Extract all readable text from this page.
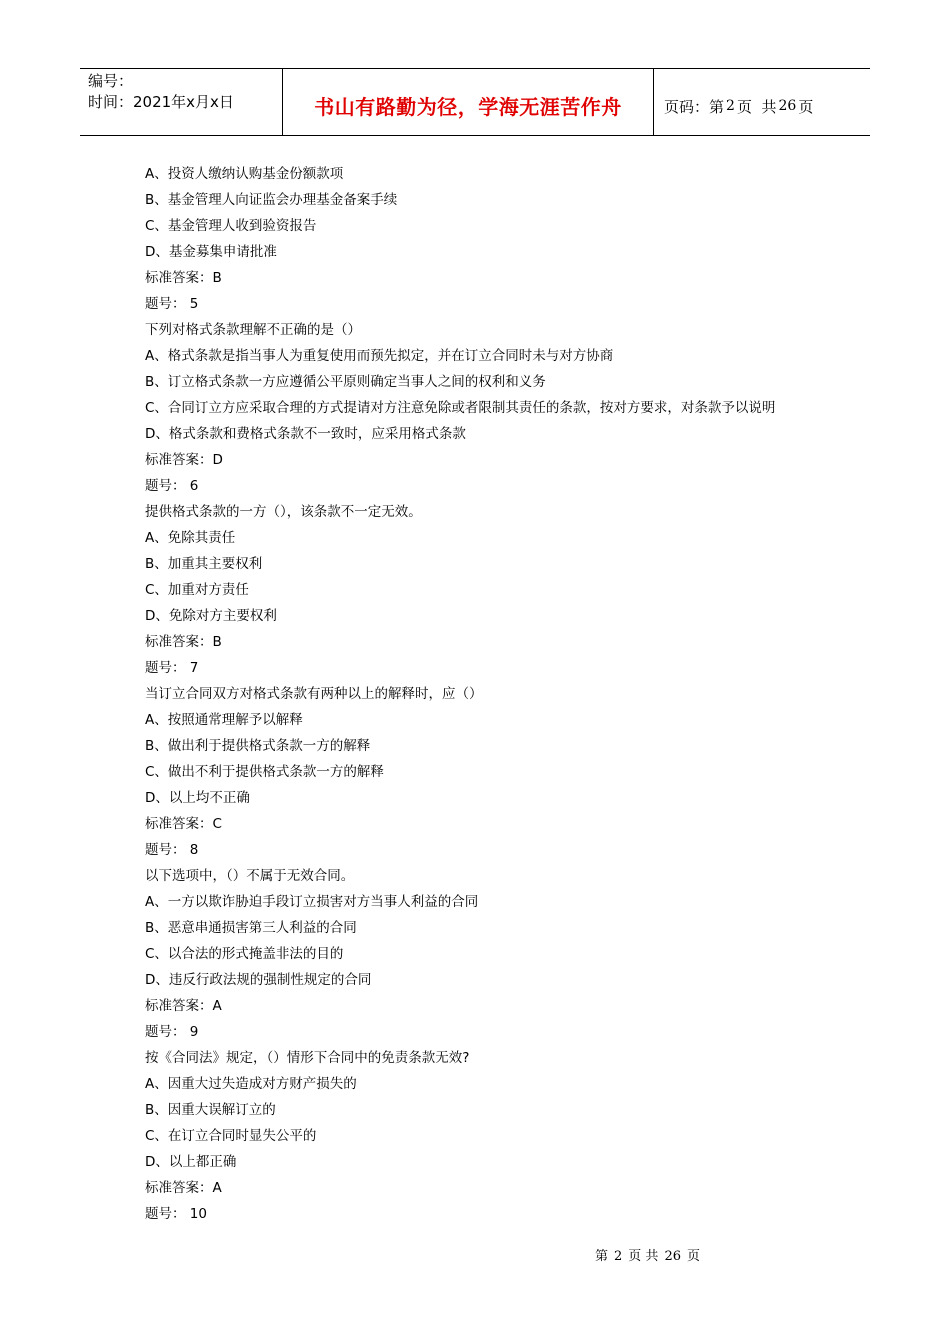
编号：
时间：2021年x月x日	书山有路勤为径，学海无涯苦作舟	页码：第 2 页  共 26 页
A、投资人缴纳认购基金份额款项
B、基金管理人向证监会办理基金备案手续
C、基金管理人收到验资报告
D、基金募集申请批准
标准答案：B
题号： 5
下列对格式条款理解不正确的是（）
A、格式条款是指当事人为重复使用而预先拟定，并在订立合同时未与对方协商
B、订立格式条款一方应遵循公平原则确定当事人之间的权利和义务
C、合同订立方应采取合理的方式提请对方注意免除或者限制其责任的条款，按对方要求，对条款予以说明
D、格式条款和费格式条款不一致时，应采用格式条款
标准答案：D
题号： 6
提供格式条款的一方（），该条款不一定无效。
A、免除其责任
B、加重其主要权利
C、加重对方责任
D、免除对方主要权利
标准答案：B
题号： 7
当订立合同双方对格式条款有两种以上的解释时，应（）
A、按照通常理解予以解释
B、做出利于提供格式条款一方的解释
C、做出不利于提供格式条款一方的解释
D、以上均不正确
标准答案：C
题号： 8
以下选项中，（）不属于无效合同。
A、一方以欺诈胁迫手段订立损害对方当事人利益的合同
B、恶意串通损害第三人利益的合同
C、以合法的形式掩盖非法的目的
D、违反行政法规的强制性规定的合同
标准答案：A
题号： 9
按《合同法》规定，（）情形下合同中的免责条款无效?
A、因重大过失造成对方财产损失的
B、因重大误解订立的
C、在订立合同时显失公平的
D、以上都正确
标准答案：A
题号： 10
第 2 页 共 26 页
